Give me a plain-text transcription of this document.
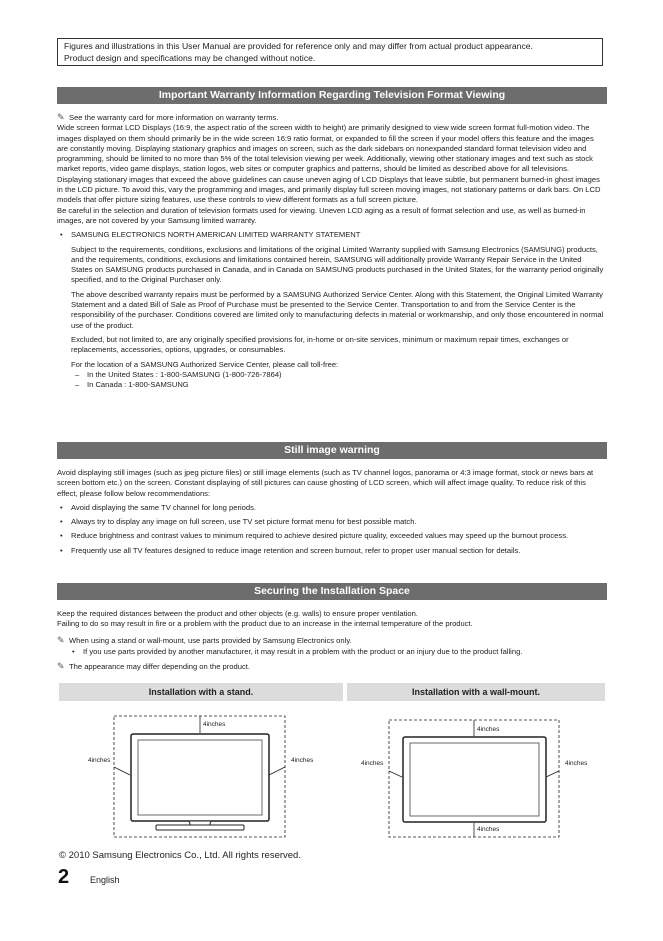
Figures and illustrations in this User Manual are provided for reference only and may differ from actual product appearance.
Product design and specifications may be changed without notice.
Important Warranty Information Regarding Television Format Viewing
✎ See the warranty card for more information on warranty terms.
Wide screen format LCD Displays (16:9, the aspect ratio of the screen width to height) are primarily designed to view wide screen format full-motion video. The images displayed on them should primarily be in the wide screen 16:9 ratio format, or expanded to fill the screen if your model offers this feature and the images are constantly moving. Displaying stationary graphics and images on screen, such as the dark sidebars on nonexpanded standard format television video and programming, should be limited to no more than 5% of the total television viewing per week. Additionally, viewing other stationary images and text such as stock market reports, video game displays, station logos, web sites or computer graphics and patterns, should be limited as described above for all televisions. Displaying stationary images that exceed the above guidelines can cause uneven aging of LCD Displays that leave subtle, but permanent burned-in ghost images in the LCD picture. To avoid this, vary the programming and images, and primarily display full screen moving images, not stationary patterns or dark bars. On LCD models that offer picture sizing features, use these controls to view different formats as a full screen picture.
Be careful in the selection and duration of television formats used for viewing. Uneven LCD aging as a result of format selection and use, as well as burned-in images, are not covered by your Samsung limited warranty.
• SAMSUNG ELECTRONICS NORTH AMERICAN LIMITED WARRANTY STATEMENT
Subject to the requirements, conditions, exclusions and limitations of the original Limited Warranty supplied with Samsung Electronics (SAMSUNG) products, and the requirements, conditions, exclusions and limitations contained herein, SAMSUNG will additionally provide Warranty Repair Service in the United States on SAMSUNG products purchased in Canada, and in Canada on SAMSUNG products purchased in the United States, for the warranty period originally specified, and to the Original Purchaser only.
The above described warranty repairs must be performed by a SAMSUNG Authorized Service Center. Along with this Statement, the Original Limited Warranty Statement and a dated Bill of Sale as Proof of Purchase must be presented to the Service Center. Transportation to and from the Service Center is the responsibility of the purchaser. Conditions covered are limited only to manufacturing defects in material or workmanship, and only those encountered in normal use of the product.
Excluded, but not limited to, are any originally specified provisions for, in-home or on-site services, minimum or maximum repair times, exchanges or replacements, accessories, options, upgrades, or consumables.
For the location of a SAMSUNG Authorized Service Center, please call toll-free:
– In the United States : 1-800-SAMSUNG (1-800-726-7864)
– In Canada : 1-800-SAMSUNG
Still image warning
Avoid displaying still images (such as jpeg picture files) or still image elements (such as TV channel logos, panorama or 4:3 image format, stock or news bars at screen bottom etc.) on the screen. Constant displaying of still pictures can cause ghosting of LCD screen, which will affect image quality. To reduce risk of this effect, please follow below recommendations:
• Avoid displaying the same TV channel for long periods.
• Always try to display any image on full screen, use TV set picture format menu for best possible match.
• Reduce brightness and contrast values to minimum required to achieve desired picture quality, exceeded values may speed up the burnout process.
• Frequently use all TV features designed to reduce image retention and screen burnout, refer to proper user manual section for details.
Securing the Installation Space
Keep the required distances between the product and other objects (e.g. walls) to ensure proper ventilation.
Failing to do so may result in fire or a problem with the product due to an increase in the internal temperature of the product.
✎ When using a stand or wall-mount, use parts provided by Samsung Electronics only.
• If you use parts provided by another manufacturer, it may result in a problem with the product or an injury due to the product falling.
✎ The appearance may differ depending on the product.
Installation with a stand.	Installation with a wall-mount.
4inches
4inches	4inches
4inches
4inches
4inches	4inches
© 2010 Samsung Electronics Co., Ltd. All rights reserved.
2 English
